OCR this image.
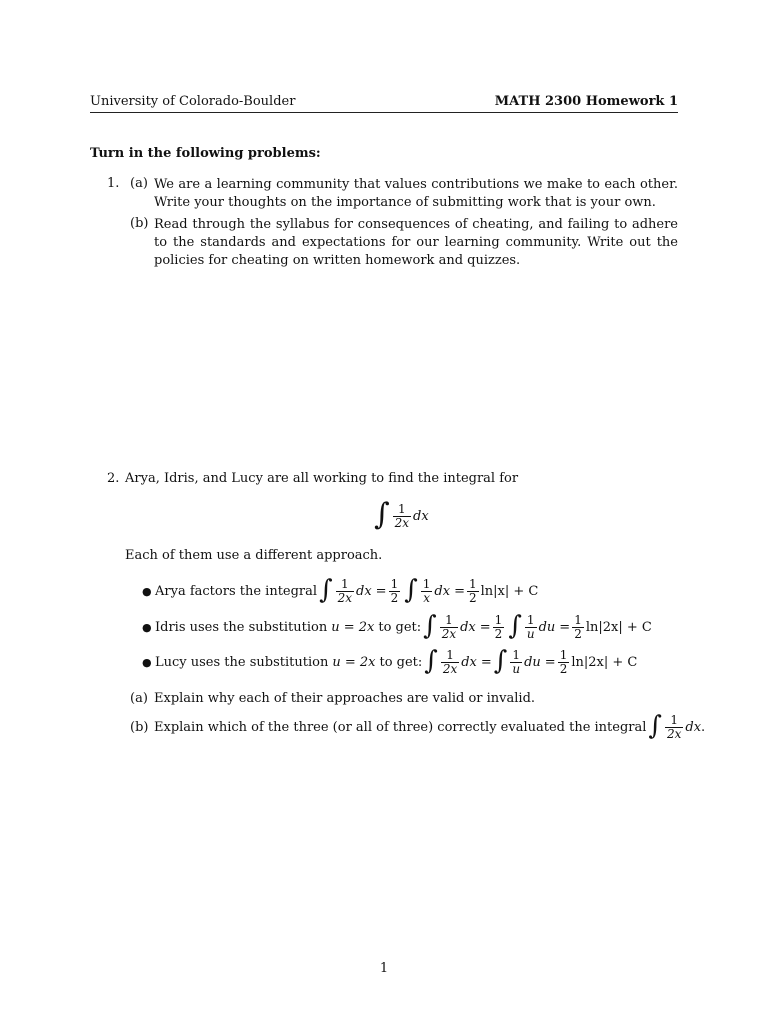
University of Colorado-Boulder	MATH 2300 Homework 1
Turn in the following problems:
1. (a) We are a learning community that values contributions we make to each other. Write your thoughts on the importance of submitting work that is your own.
(b) Read through the syllabus for consequences of cheating, and failing to adhere to the standards and expectations for our learning community. Write out the policies for cheating on written homework and quizzes.
2. Arya, Idris, and Lucy are all working to find the integral for
∫ $\frac{1}{2x}$ dx
Each of them use a different approach.
● Arya factors the integral ∫ $\frac{1}{2x}$ dx = $\frac{1}{2}$ ∫ $\frac{1}{x}$ dx = $\frac{1}{2} \ln|x| + C$
● Idris uses the substitution u = 2x to get: ∫ $\frac{1}{2x}$ dx = $\frac{1}{2}$ ∫ $\frac{1}{u}$ du = $\frac{1}{2} \ln|2x| + C$
● Lucy uses the substitution u = 2x to get: ∫ $\frac{1}{2x}$ dx = ∫ $\frac{1}{u}$ du = $\frac{1}{2} \ln|2x| + C$
(a) Explain why each of their approaches are valid or invalid.
(b) Explain which of the three (or all of three) correctly evaluated the integral ∫ $\frac{1}{2x}$ dx .
1
